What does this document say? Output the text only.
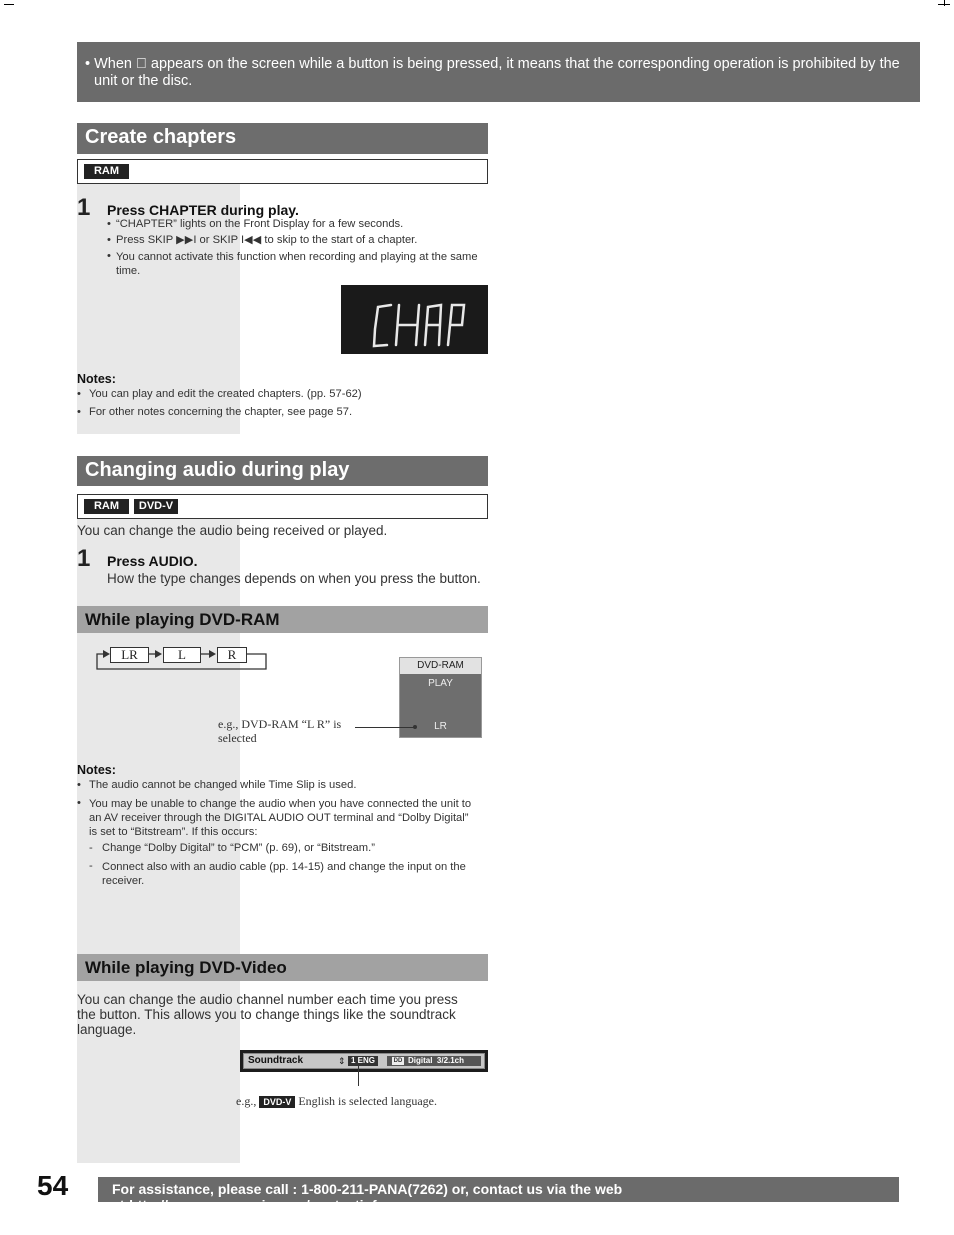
• When ⃠ appears on the screen while a button is being pressed, it means that the corresponding operation is prohibited by the unit or the disc.
Create chapters
RAM
1 Press CHAPTER during play.
• “CHAPTER” lights on the Front Display for a few seconds.
• Press SKIP ▶▶I or SKIP I◀◀ to skip to the start of a chapter.
• You cannot activate this function when recording and playing at the same time.
CHAP
Notes:
• You can play and edit the created chapters. (pp. 57-62)
• For other notes concerning the chapter, see page 57.
Changing audio during play
RAM	DVD-V
You can change the audio being received or played.
1 Press AUDIO.
How the type changes depends on when you press the button.
While playing DVD-RAM
LR	L	R
DVD-RAM
PLAY
LR
e.g., DVD-RAM “L R” is selected
Notes:
• The audio cannot be changed while Time Slip is used.
• You may be unable to change the audio when you have connected the unit to an AV receiver through the DIGITAL AUDIO OUT terminal and “Dolby Digital” is set to “Bitstream”. If this occurs:
- Change “Dolby Digital” to “PCM” (p. 69), or “Bitstream.”
- Connect also with an audio cable (pp. 14-15) and change the input on the receiver.
While playing DVD-Video
You can change the audio channel number each time you press the button. This allows you to change things like the soundtrack language.
Soundtrack	⇕ 1 ENG	DD Digital  3/2.1ch
e.g., DVD-V English is selected language.
54	For assistance, please call : 1-800-211-PANA(7262) or, contact us via the web at:http://www.panasonic.com/contactinfo
